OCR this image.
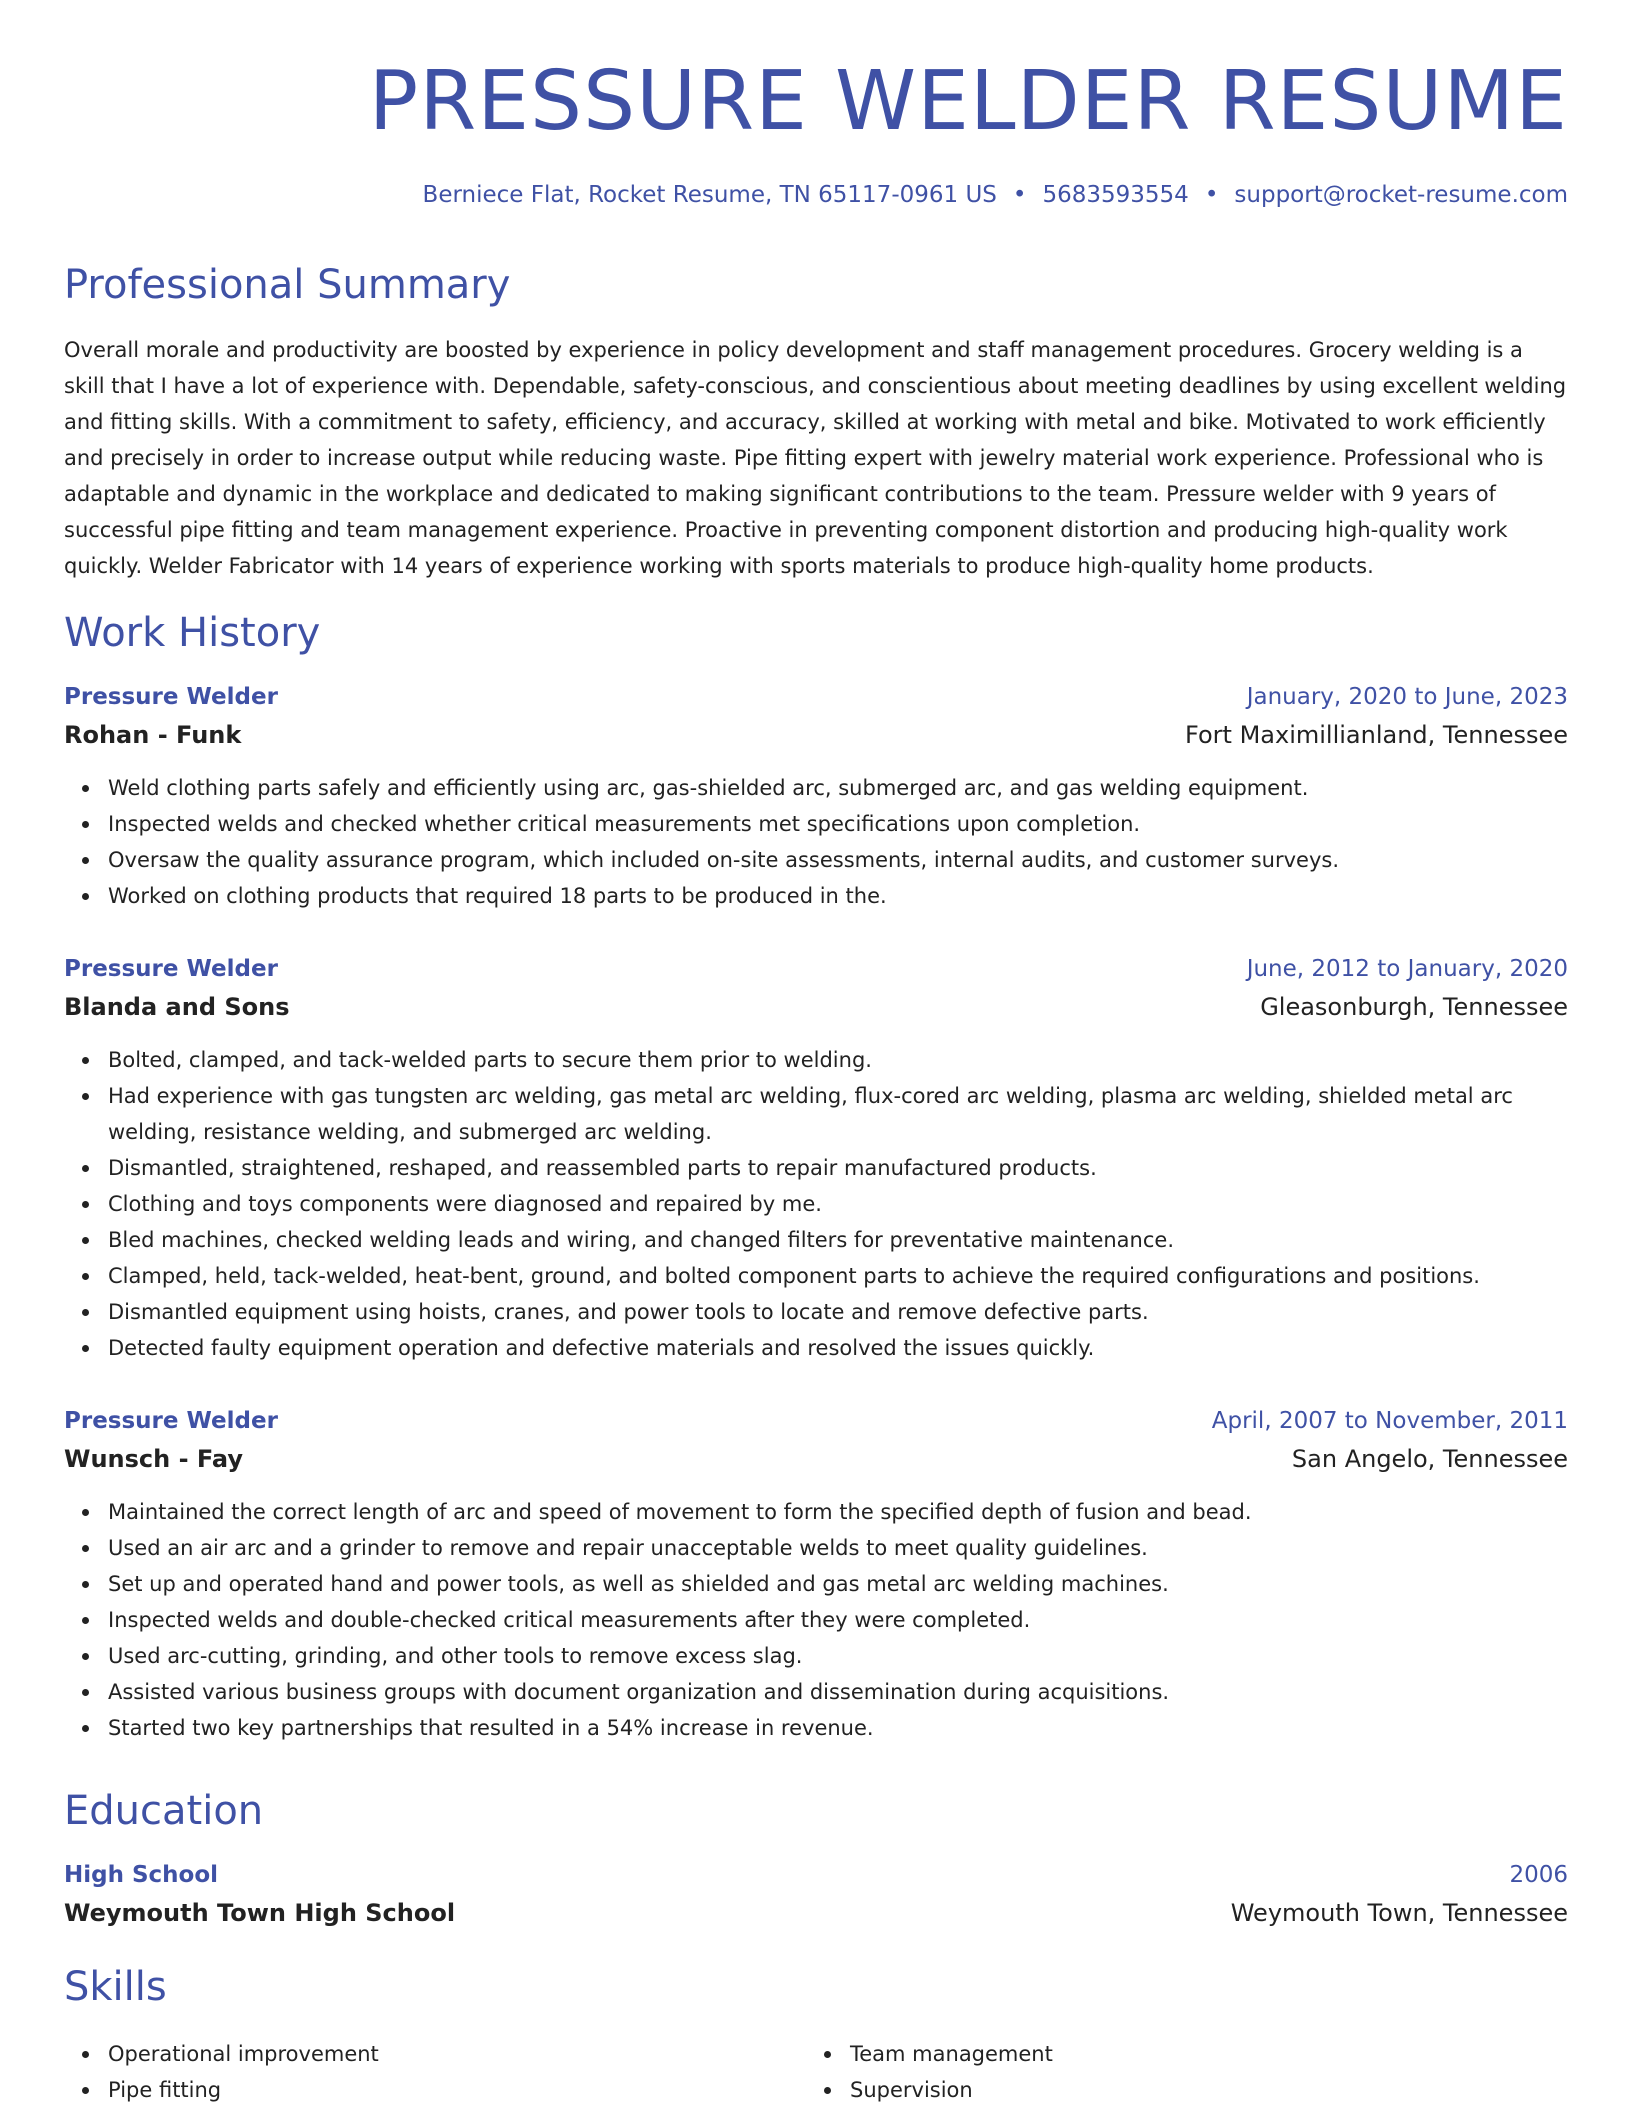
PRESSURE WELDER RESUME
Berniece Flat, Rocket Resume, TN 65117-0961 US • 5683593554 • support@rocket-resume.com
Professional Summary

Overall morale and productivity are boosted by experience in policy development and staff management procedures. Grocery welding is a skill that I have a lot of experience with. Dependable, safety-conscious, and conscientious about meeting deadlines by using excellent welding and fitting skills. With a commitment to safety, efficiency, and accuracy, skilled at working with metal and bike. Motivated to work efficiently and precisely in order to increase output while reducing waste. Pipe fitting expert with jewelry material work experience. Professional who is adaptable and dynamic in the workplace and dedicated to making significant contributions to the team. Pressure welder with 9 years of successful pipe fitting and team management experience. Proactive in preventing component distortion and producing high-quality work quickly. Welder Fabricator with 14 years of experience working with sports materials to produce high-quality home products.

Work History
Pressure Welder	January, 2020 to June, 2023
Rohan - Funk	Fort Maximillianland, Tennessee
Weld clothing parts safely and efficiently using arc, gas-shielded arc, submerged arc, and gas welding equipment.
Inspected welds and checked whether critical measurements met specifications upon completion.
Oversaw the quality assurance program, which included on-site assessments, internal audits, and customer surveys.
Worked on clothing products that required 18 parts to be produced in the.
Pressure Welder	June, 2012 to January, 2020
Blanda and Sons	Gleasonburgh, Tennessee
Bolted, clamped, and tack-welded parts to secure them prior to welding.
Had experience with gas tungsten arc welding, gas metal arc welding, flux-cored arc welding, plasma arc welding, shielded metal arc welding, resistance welding, and submerged arc welding.
Dismantled, straightened, reshaped, and reassembled parts to repair manufactured products.
Clothing and toys components were diagnosed and repaired by me.
Bled machines, checked welding leads and wiring, and changed filters for preventative maintenance.
Clamped, held, tack-welded, heat-bent, ground, and bolted component parts to achieve the required configurations and positions.
Dismantled equipment using hoists, cranes, and power tools to locate and remove defective parts.
Detected faulty equipment operation and defective materials and resolved the issues quickly.
Pressure Welder	April, 2007 to November, 2011
Wunsch - Fay	San Angelo, Tennessee
Maintained the correct length of arc and speed of movement to form the specified depth of fusion and bead.
Used an air arc and a grinder to remove and repair unacceptable welds to meet quality guidelines.
Set up and operated hand and power tools, as well as shielded and gas metal arc welding machines.
Inspected welds and double-checked critical measurements after they were completed.
Used arc-cutting, grinding, and other tools to remove excess slag.
Assisted various business groups with document organization and dissemination during acquisitions.
Started two key partnerships that resulted in a 54% increase in revenue.
Education
High School	2006
Weymouth Town High School	Weymouth Town, Tennessee
Skills
Operational improvement
Pipe fitting
Team management
Supervision
